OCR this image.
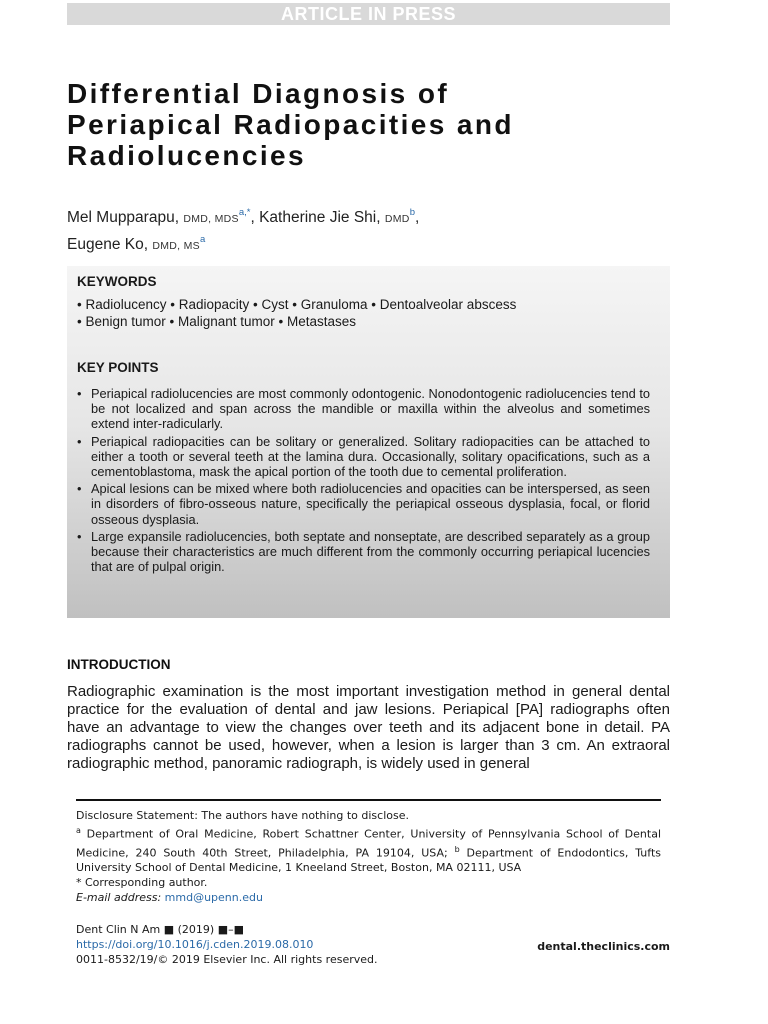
ARTICLE IN PRESS
Differential Diagnosis of
Periapical Radiopacities and
Radiolucencies
Mel Mupparapu, DMD, $MDS^{a,*}$, Katherine Jie Shi, DMD$^b$,
Eugene Ko, DMD, $MS^a$
KEYWORDS
• Radiolucency • Radiopacity • Cyst • Granuloma • Dentoalveolar abscess
• Benign tumor • Malignant tumor • Metastases
KEY POINTS
• Periapical radiolucencies are most commonly odontogenic. Nonodontogenic radiolucencies tend to be not localized and span across the mandible or maxilla within the alveolus and sometimes extend inter-radicularly.
• Periapical radiopacities can be solitary or generalized. Solitary radiopacities can be attached to either a tooth or several teeth at the lamina dura. Occasionally, solitary opacifications, such as a cementoblastoma, mask the apical portion of the tooth due to cemental proliferation.
• Apical lesions can be mixed where both radiolucencies and opacities can be interspersed, as seen in disorders of fibro-osseous nature, specifically the periapical osseous dysplasia, focal, or florid osseous dysplasia.
• Large expansile radiolucencies, both septate and nonseptate, are described separately as a group because their characteristics are much different from the commonly occurring periapical lucencies that are of pulpal origin.
INTRODUCTION

Radiographic examination is the most important investigation method in general dental practice for the evaluation of dental and jaw lesions. Periapical [PA] radiographs often have an advantage to view the changes over teeth and its adjacent bone in detail. PA radiographs cannot be used, however, when a lesion is larger than 3 cm. An extraoral radiographic method, panoramic radiograph, is widely used in general

Disclosure Statement: The authors have nothing to disclose.

$^a$ Department of Oral Medicine, Robert Schattner Center, University of Pennsylvania School of Dental Medicine, 240 South 40th Street, Philadelphia, PA 19104, USA; $^b$ Department of Endodontics, Tufts University School of Dental Medicine, 1 Kneeland Street, Boston, MA 02111, USA

* Corresponding author.

E-mail address: mmd@upenn.edu

Dent Clin N Am ■ (2019) ■–■
https://doi.org/10.1016/j.cden.2019.08.010
0011-8532/19/© 2019 Elsevier Inc. All rights reserved.
dental.theclinics.com
